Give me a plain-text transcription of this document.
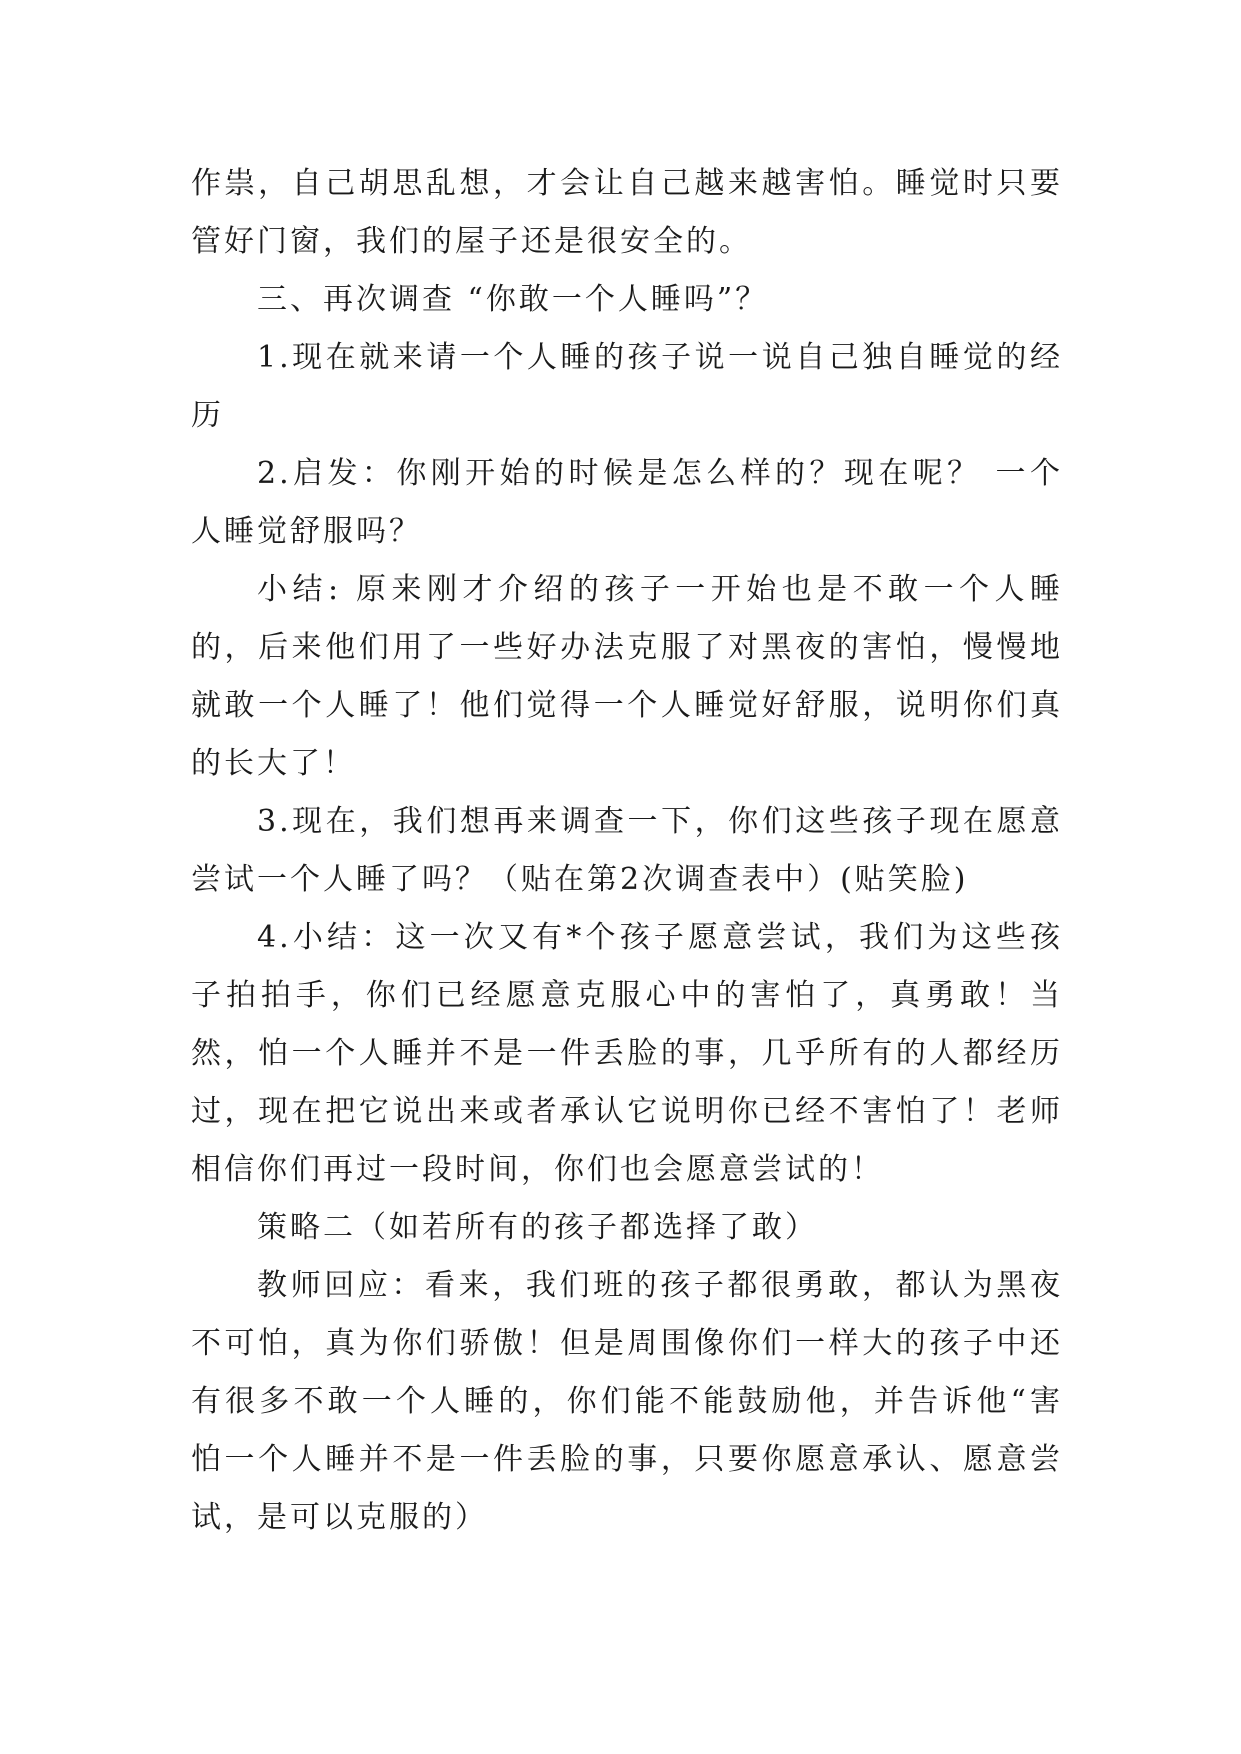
作祟，自己胡思乱想，才会让自己越来越害怕。睡觉时只要管好门窗，我们的屋子还是很安全的。

三、再次调查 “你敢一个人睡吗”？

1.现在就来请一个人睡的孩子说一说自己独自睡觉的经历

2.启发：你刚开始的时候是怎么样的？现在呢？ 一个人睡觉舒服吗？

小结: 原来刚才介绍的孩子一开始也是不敢一个人睡的，后来他们用了一些好办法克服了对黑夜的害怕，慢慢地就敢一个人睡了！他们觉得一个人睡觉好舒服，说明你们真的长大了！

3.现在，我们想再来调查一下，你们这些孩子现在愿意尝试一个人睡了吗？（贴在第2次调查表中）(贴笑脸)

4.小结：这一次又有*个孩子愿意尝试，我们为这些孩子拍拍手，你们已经愿意克服心中的害怕了，真勇敢！当然，怕一个人睡并不是一件丢脸的事，几乎所有的人都经历过，现在把它说出来或者承认它说明你已经不害怕了！老师相信你们再过一段时间，你们也会愿意尝试的！

策略二（如若所有的孩子都选择了敢）

教师回应：看来，我们班的孩子都很勇敢，都认为黑夜不可怕，真为你们骄傲！但是周围像你们一样大的孩子中还有很多不敢一个人睡的，你们能不能鼓励他，并告诉他“害怕一个人睡并不是一件丢脸的事，只要你愿意承认、愿意尝试，是可以克服的）
